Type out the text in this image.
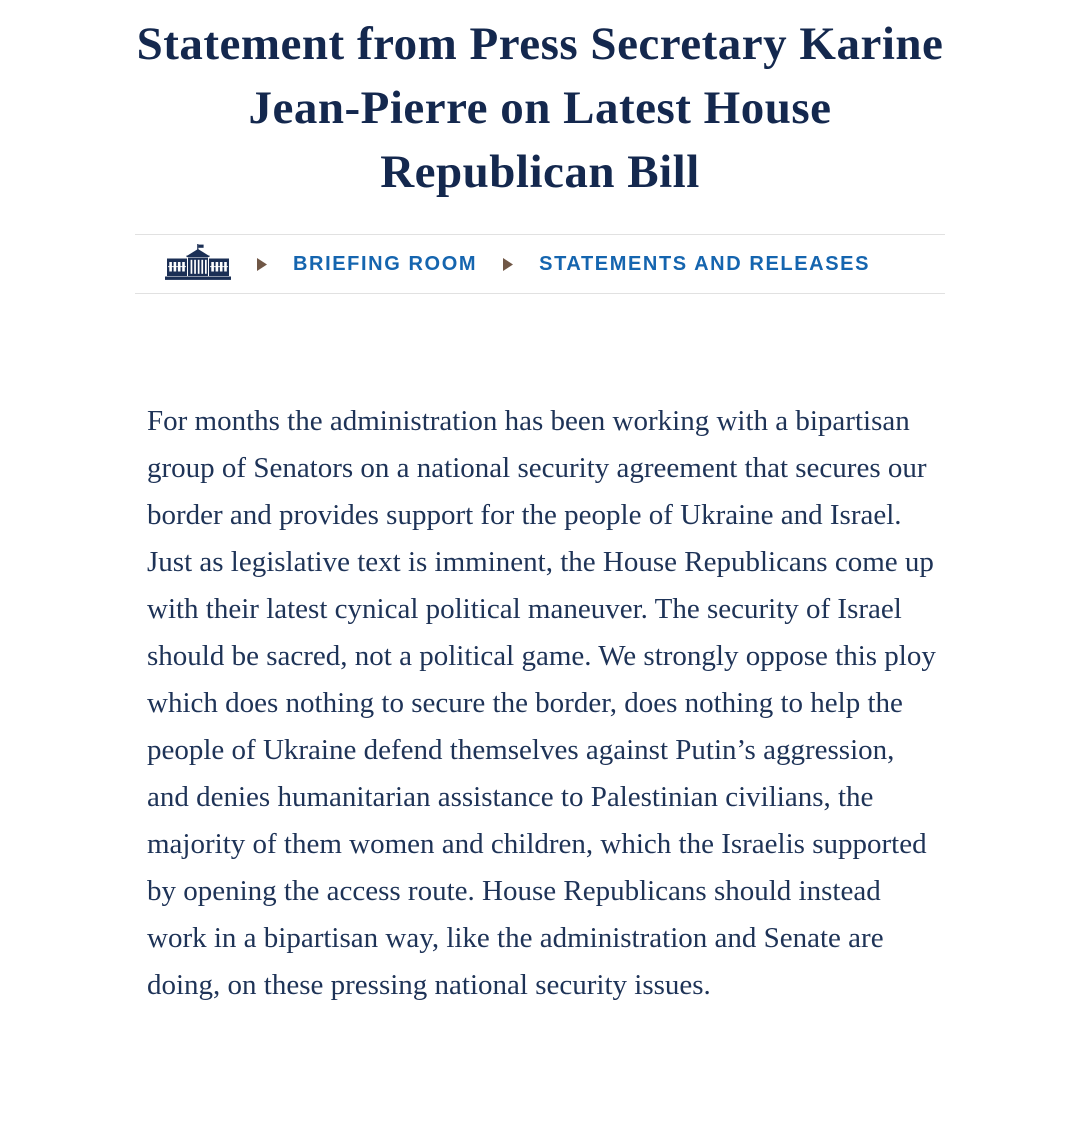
Statement from Press Secretary Karine
Jean-Pierre on Latest House
Republican Bill
BRIEFING ROOM	STATEMENTS AND RELEASES

For months the administration has been working with a bipartisan group of Senators on a national security agreement that secures our border and provides support for the people of Ukraine and Israel. Just as legislative text is imminent, the House Republicans come up with their latest cynical political maneuver. The security of Israel should be sacred, not a political game. We strongly oppose this ploy which does nothing to secure the border, does nothing to help the people of Ukraine defend themselves against Putin’s aggression, and denies humanitarian assistance to Palestinian civilians, the majority of them women and children, which the Israelis supported by opening the access route. House Republicans should instead work in a bipartisan way, like the administration and Senate are doing, on these pressing national security issues.
